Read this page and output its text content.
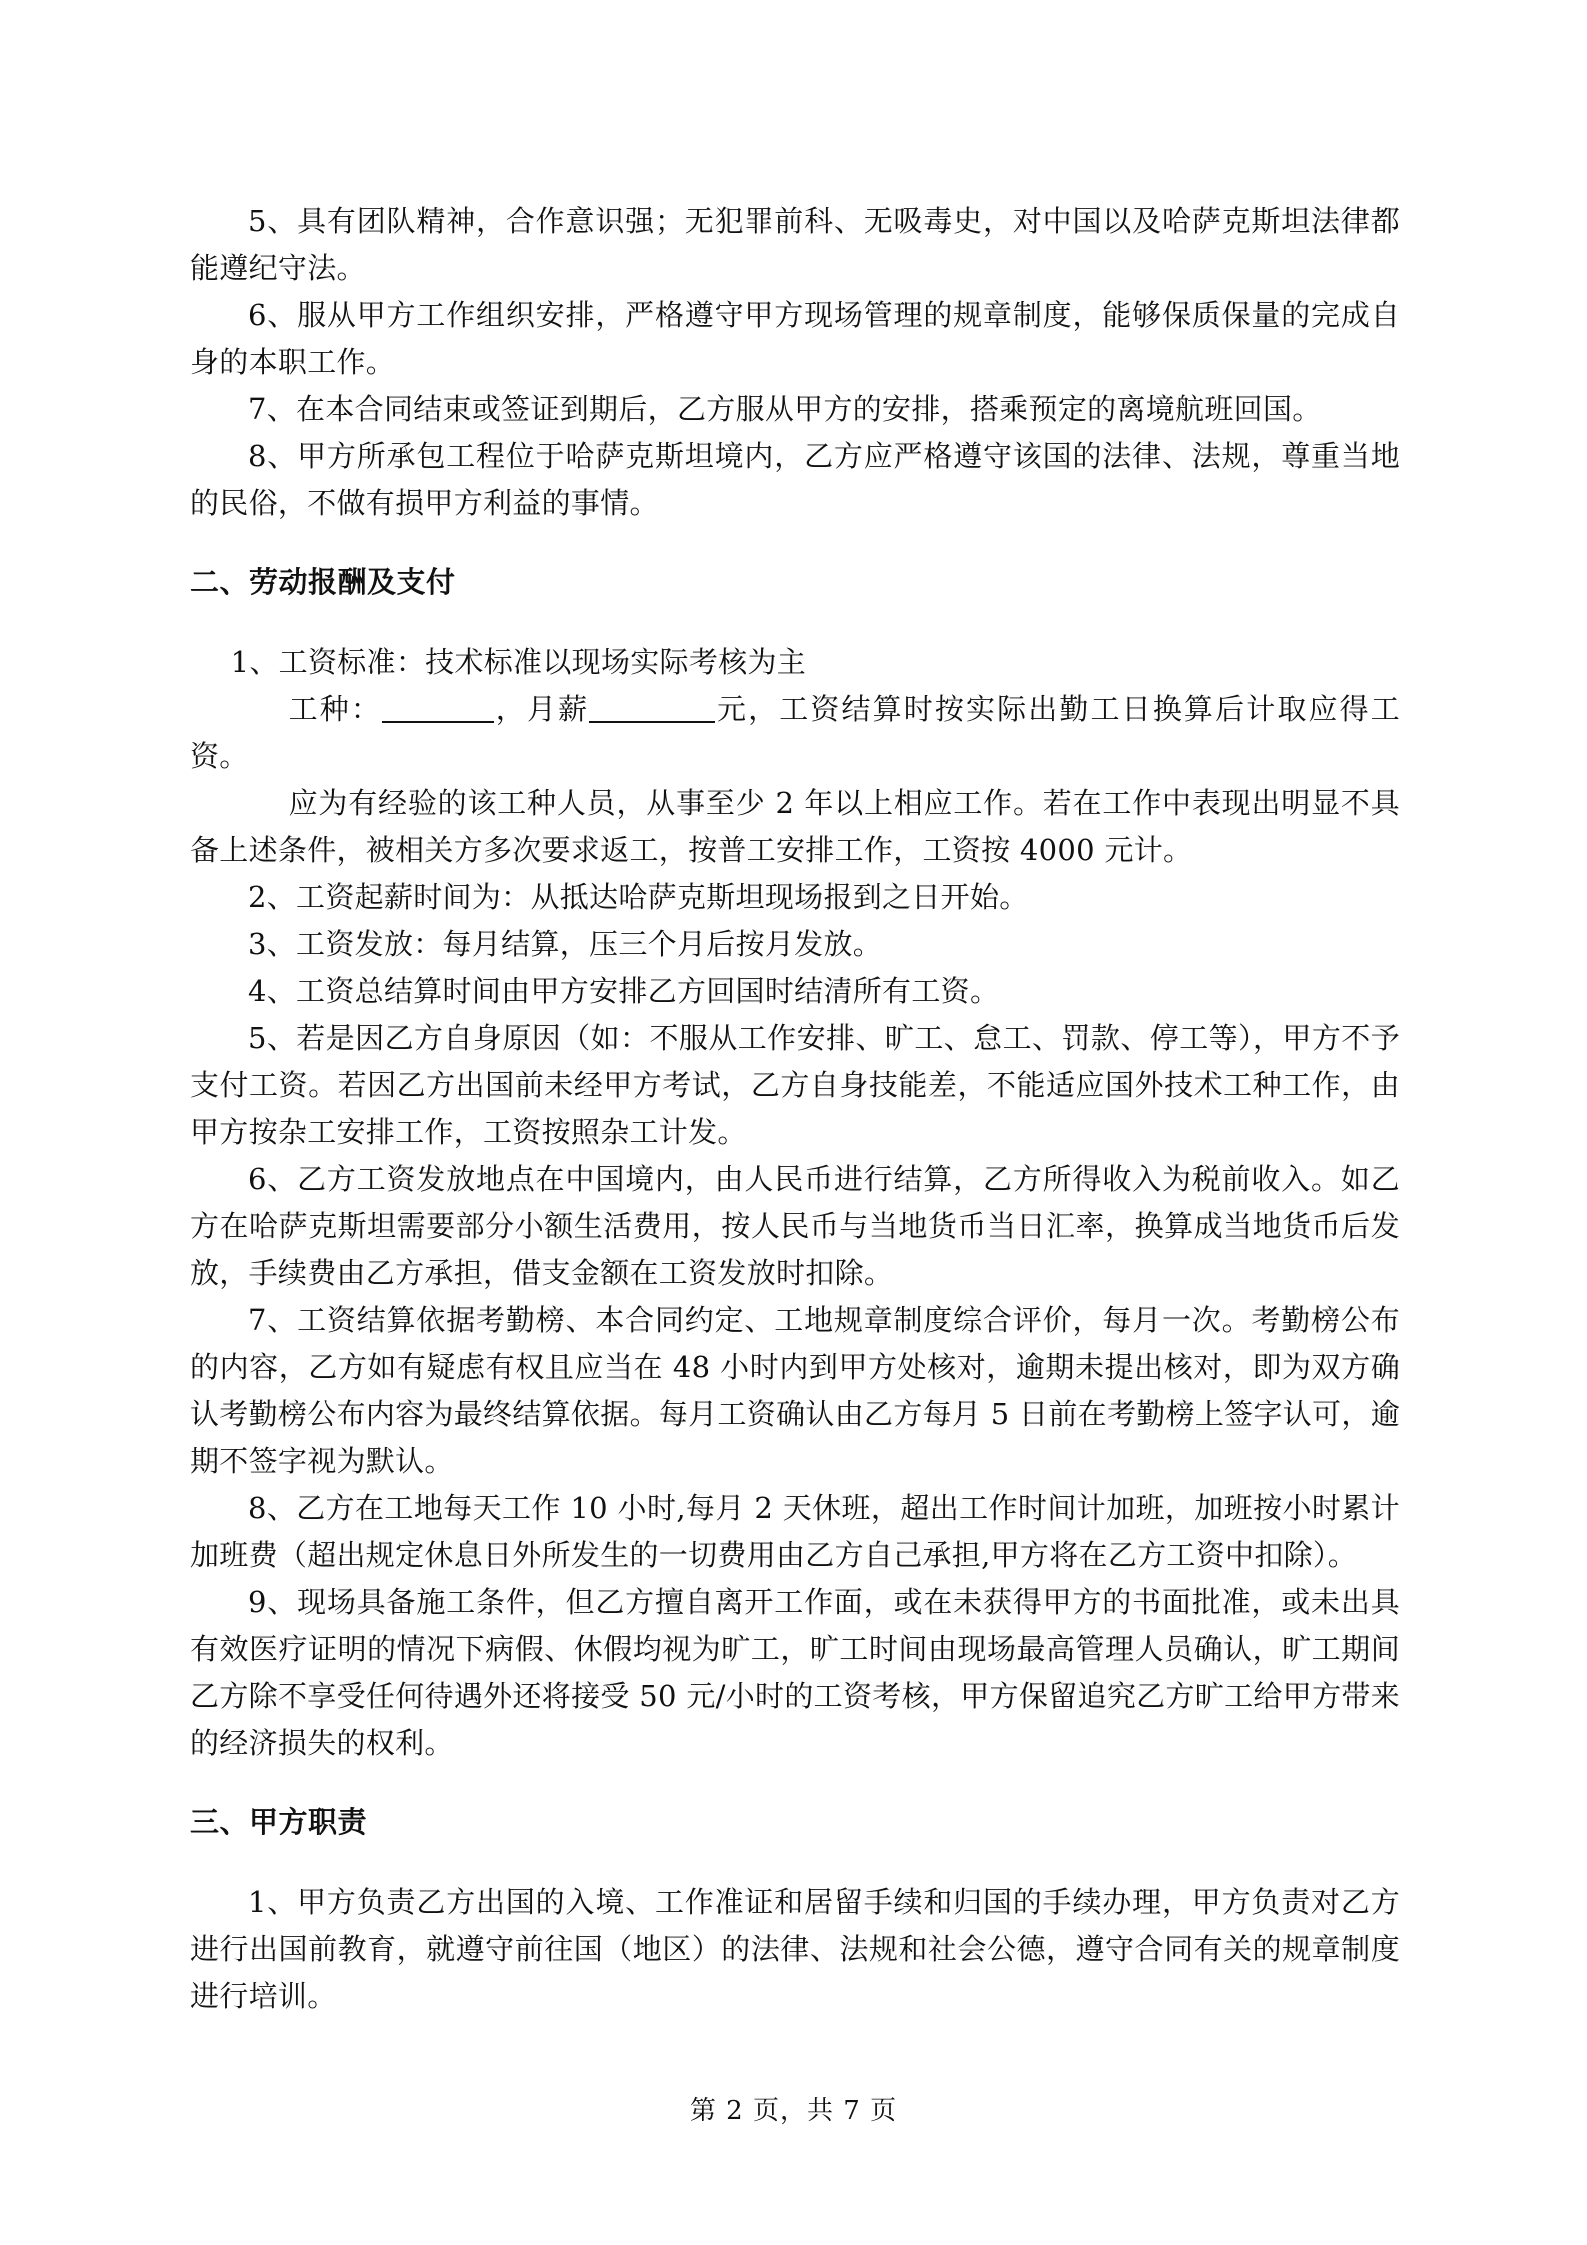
5、具有团队精神，合作意识强；无犯罪前科、无吸毒史，对中国以及哈萨克斯坦法律都能遵纪守法。

6、服从甲方工作组织安排，严格遵守甲方现场管理的规章制度，能够保质保量的完成自身的本职工作。

7、在本合同结束或签证到期后，乙方服从甲方的安排，搭乘预定的离境航班回国。

8、甲方所承包工程位于哈萨克斯坦境内，乙方应严格遵守该国的法律、法规，尊重当地的民俗，不做有损甲方利益的事情。

二、劳动报酬及支付

1、工资标准：技术标准以现场实际考核为主

工种：	，月薪	元，工资结算时按实际出勤工日换算后计取应得工资。

应为有经验的该工种人员，从事至少 2 年以上相应工作。若在工作中表现出明显不具备上述条件，被相关方多次要求返工，按普工安排工作，工资按 4000 元计。

2、工资起薪时间为：从抵达哈萨克斯坦现场报到之日开始。

3、工资发放：每月结算，压三个月后按月发放。

4、工资总结算时间由甲方安排乙方回国时结清所有工资。

5、若是因乙方自身原因（如：不服从工作安排、旷工、怠工、罚款、停工等），甲方不予支付工资。若因乙方出国前未经甲方考试，乙方自身技能差，不能适应国外技术工种工作，由甲方按杂工安排工作，工资按照杂工计发。

6、乙方工资发放地点在中国境内，由人民币进行结算，乙方所得收入为税前收入。如乙方在哈萨克斯坦需要部分小额生活费用，按人民币与当地货币当日汇率，换算成当地货币后发放，手续费由乙方承担，借支金额在工资发放时扣除。

7、工资结算依据考勤榜、本合同约定、工地规章制度综合评价，每月一次。考勤榜公布的内容，乙方如有疑虑有权且应当在 48 小时内到甲方处核对，逾期未提出核对，即为双方确认考勤榜公布内容为最终结算依据。每月工资确认由乙方每月 5 日前在考勤榜上签字认可，逾期不签字视为默认。

8、乙方在工地每天工作 10 小时,每月 2 天休班，超出工作时间计加班，加班按小时累计加班费（超出规定休息日外所发生的一切费用由乙方自己承担,甲方将在乙方工资中扣除）。

9、现场具备施工条件，但乙方擅自离开工作面，或在未获得甲方的书面批准，或未出具有效医疗证明的情况下病假、休假均视为旷工，旷工时间由现场最高管理人员确认，旷工期间乙方除不享受任何待遇外还将接受 50 元/小时的工资考核，甲方保留追究乙方旷工给甲方带来的经济损失的权利。

三、甲方职责

1、甲方负责乙方出国的入境、工作准证和居留手续和归国的手续办理，甲方负责对乙方进行出国前教育，就遵守前往国（地区）的法律、法规和社会公德，遵守合同有关的规章制度进行培训。

第 2 页，共 7 页
